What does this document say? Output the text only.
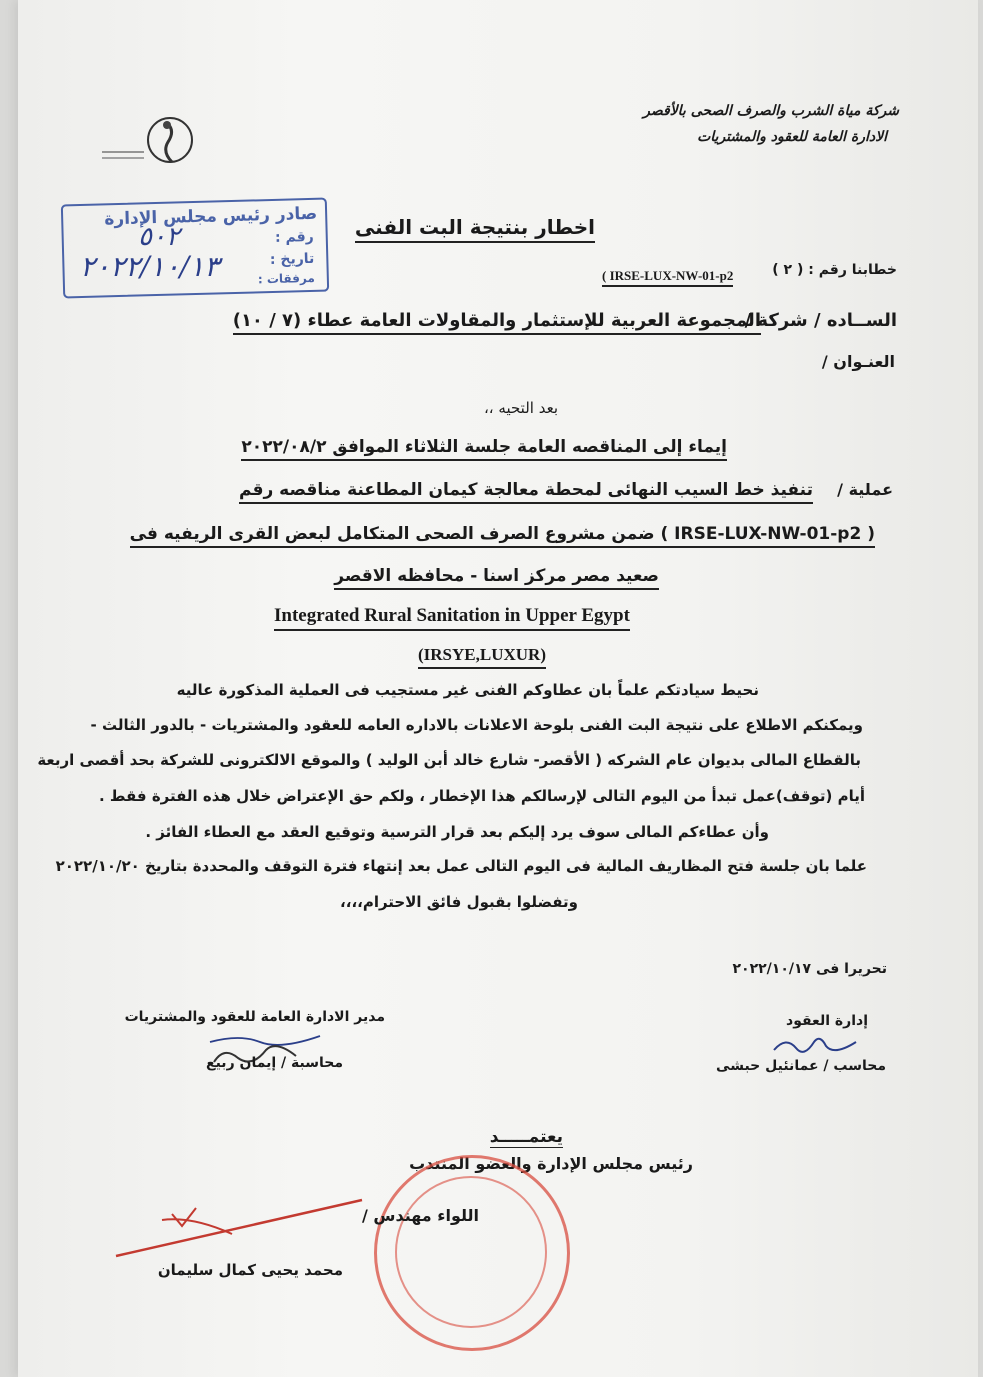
شركة مياة الشرب والصرف الصحى بالأقصر
الادارة العامة للعقود والمشتريات
صادر رئيس مجلس الإدارة
رقم :
تاريخ :
مرفقات :
٥٠٢
٢٠٢٢/١٠/١٣
اخطار بنتيجة البت الفنى
خطابنا رقم : ( ٢ )
( IRSE-LUX-NW-01-p2
الســاده / شركة /
المجموعة العربية للإستثمار والمقاولات العامة عطاء (٧ / ١٠)
العنـوان /
بعد التحيه ،،
إيماء إلى المناقصه العامة جلسة الثلاثاء الموافق ٢٠٢٢/٠٨/٢
عملية /
تنفيذ خط السيب النهائى لمحطة معالجة كيمان المطاعنة مناقصه رقم
( IRSE-LUX-NW-01-p2 ) ضمن مشروع الصرف الصحى المتكامل لبعض القرى الريفيه فى
صعيد مصر مركز اسنا - محافظه الاقصر
Integrated Rural Sanitation in Upper Egypt
(IRSYE,LUXUR)
نحيط سيادتكم علماً بان عطاوكم الفنى غير مستجيب فى العملية المذكورة عاليه
ويمكنكم الاطلاع على نتيجة البت الفنى بلوحة الاعلانات بالاداره العامه للعقود والمشتريات - بالدور الثالث -
بالقطاع المالى بديوان عام الشركه ( الأقصر- شارع خالد أبن الوليد ) والموقع الالكترونى للشركة بحد أقصى اربعة
أيام (توقف)عمل تبدأ من اليوم التالى لإرسالكم هذا الإخطار ، ولكم حق الإعتراض خلال هذه الفترة فقط .
وأن عطاءكم المالى سوف يرد إليكم بعد قرار الترسية وتوقيع العقد مع العطاء الفائز .
علما بان جلسة فتح المظاريف المالية فى اليوم التالى عمل بعد إنتهاء فترة التوقف والمحددة بتاريخ ٢٠٢٢/١٠/٢٠
وتفضلوا بقبول فائق الاحترام،،،،
تحريرا فى ٢٠٢٢/١٠/١٧
إدارة العقود
محاسب / عمانئيل حبشى
مدير الادارة العامة للعقود والمشتريات
محاسبة / إيمان ربيع
يعتمـــــد
رئيس مجلس الإدارة والعضو المنتدب
اللواء مهندس /
محمد يحيى كمال سليمان
